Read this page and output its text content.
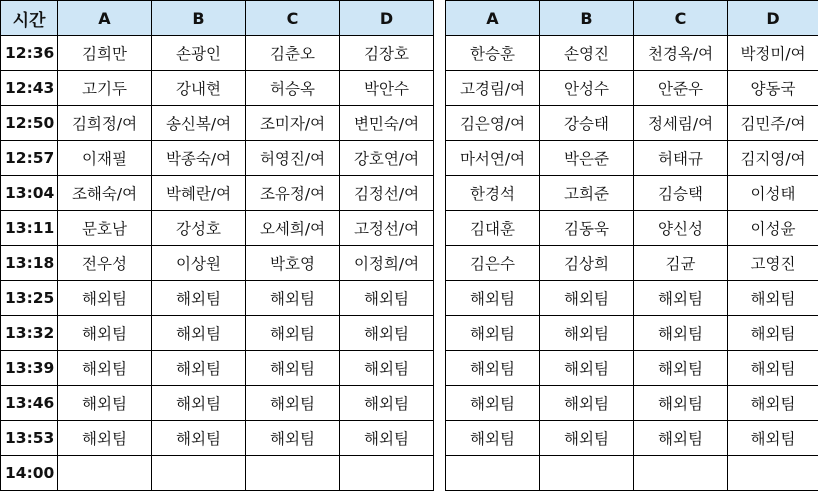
시간	A	B	C	D
12:36	김희만	손광인	김춘오	김장호
12:43	고기두	강내현	허승옥	박안수
12:50	김희정/여	송신복/여	조미자/여	변민숙/여
12:57	이재필	박종숙/여	허영진/여	강호연/여
13:04	조해숙/여	박혜란/여	조유정/여	김정선/여
13:11	문호남	강성호	오세희/여	고정선/여
13:18	전우성	이상원	박호영	이정희/여
13:25	해외팀	해외팀	해외팀	해외팀
13:32	해외팀	해외팀	해외팀	해외팀
13:39	해외팀	해외팀	해외팀	해외팀
13:46	해외팀	해외팀	해외팀	해외팀
13:53	해외팀	해외팀	해외팀	해외팀
14:00				
A	B	C	D
한승훈	손영진	천경옥/여	박정미/여
고경림/여	안성수	안준우	양동국
김은영/여	강승태	정세림/여	김민주/여
마서연/여	박은준	허태규	김지영/여
한경석	고희준	김승택	이성태
김대훈	김동욱	양신성	이성윤
김은수	김상희	김균	고영진
해외팀	해외팀	해외팀	해외팀
해외팀	해외팀	해외팀	해외팀
해외팀	해외팀	해외팀	해외팀
해외팀	해외팀	해외팀	해외팀
해외팀	해외팀	해외팀	해외팀
